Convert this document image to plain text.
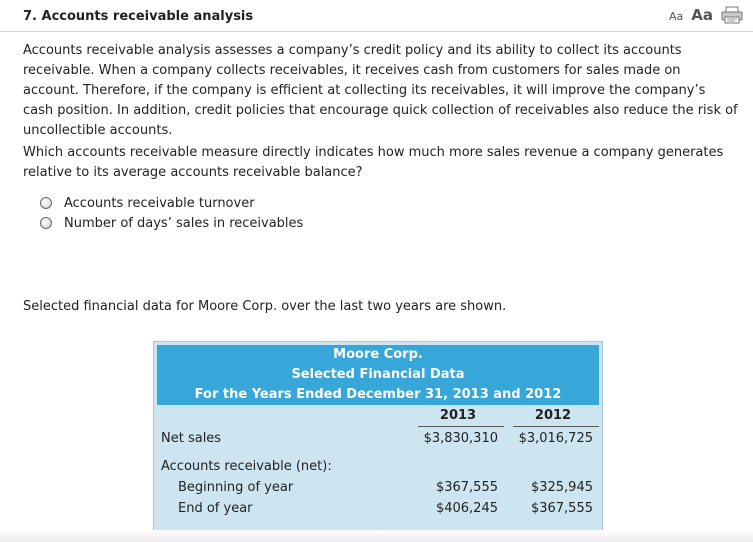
7. Accounts receivable analysis	Aa Aa

Accounts receivable analysis assesses a company’s credit policy and its ability to collect its accounts receivable. When a company collects receivables, it receives cash from customers for sales made on account. Therefore, if the company is efficient at collecting its receivables, it will improve the company’s cash position. In addition, credit policies that encourage quick collection of receivables also reduce the risk of uncollectible accounts.

Which accounts receivable measure directly indicates how much more sales revenue a company generates relative to its average accounts receivable balance?

Accounts receivable turnover
Number of days’ sales in receivables

Selected financial data for Moore Corp. over the last two years are shown.

Moore Corp.
Selected Financial Data
For the Years Ended December 31, 2013 and 2012
2013	2012
Net sales	$3,830,310	$3,016,725
Accounts receivable (net):
Beginning of year	$367,555	$325,945
End of year	$406,245	$367,555
